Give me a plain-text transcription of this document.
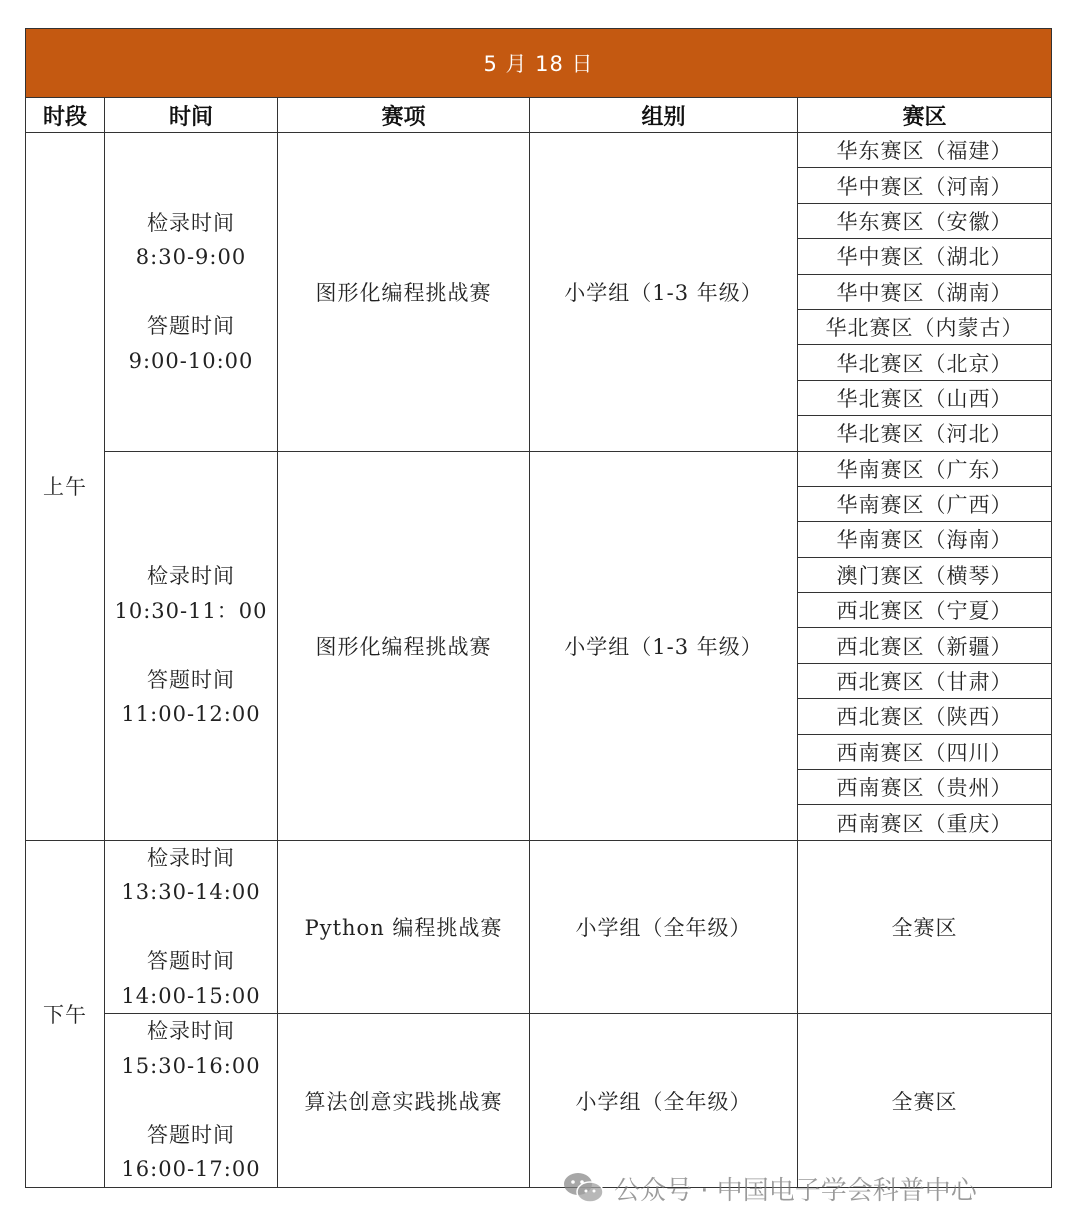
5 月 18 日				
时段	时间	赛项	组别	赛区
上午	检录时间
8:30-9:00
答题时间
9:00-10:00	图形化编程挑战赛	小学组（1-3 年级）	华东赛区（福建）
				华中赛区（河南）
				华东赛区（安徽）
				华中赛区（湖北）
				华中赛区（湖南）
				华北赛区（内蒙古）
				华北赛区（北京）
				华北赛区（山西）
				华北赛区（河北）

	检录时间
10:30-11：00
答题时间
11:00-12:00	图形化编程挑战赛	小学组（1-3 年级）	华南赛区（广东）
				华南赛区（广西）
				华南赛区（海南）
				澳门赛区（横琴）
				西北赛区（宁夏）
				西北赛区（新疆）
				西北赛区（甘肃）
				西北赛区（陕西）
				西南赛区（四川）
				西南赛区（贵州）
				西南赛区（重庆）
下午	检录时间
13:30-14:00
答题时间
14:00-15:00	Python 编程挑战赛	小学组（全年级）	全赛区

	检录时间
15:30-16:00
答题时间
16:00-17:00	算法创意实践挑战赛	小学组（全年级）	全赛区
公众号 · 中国电子学会科普中心
